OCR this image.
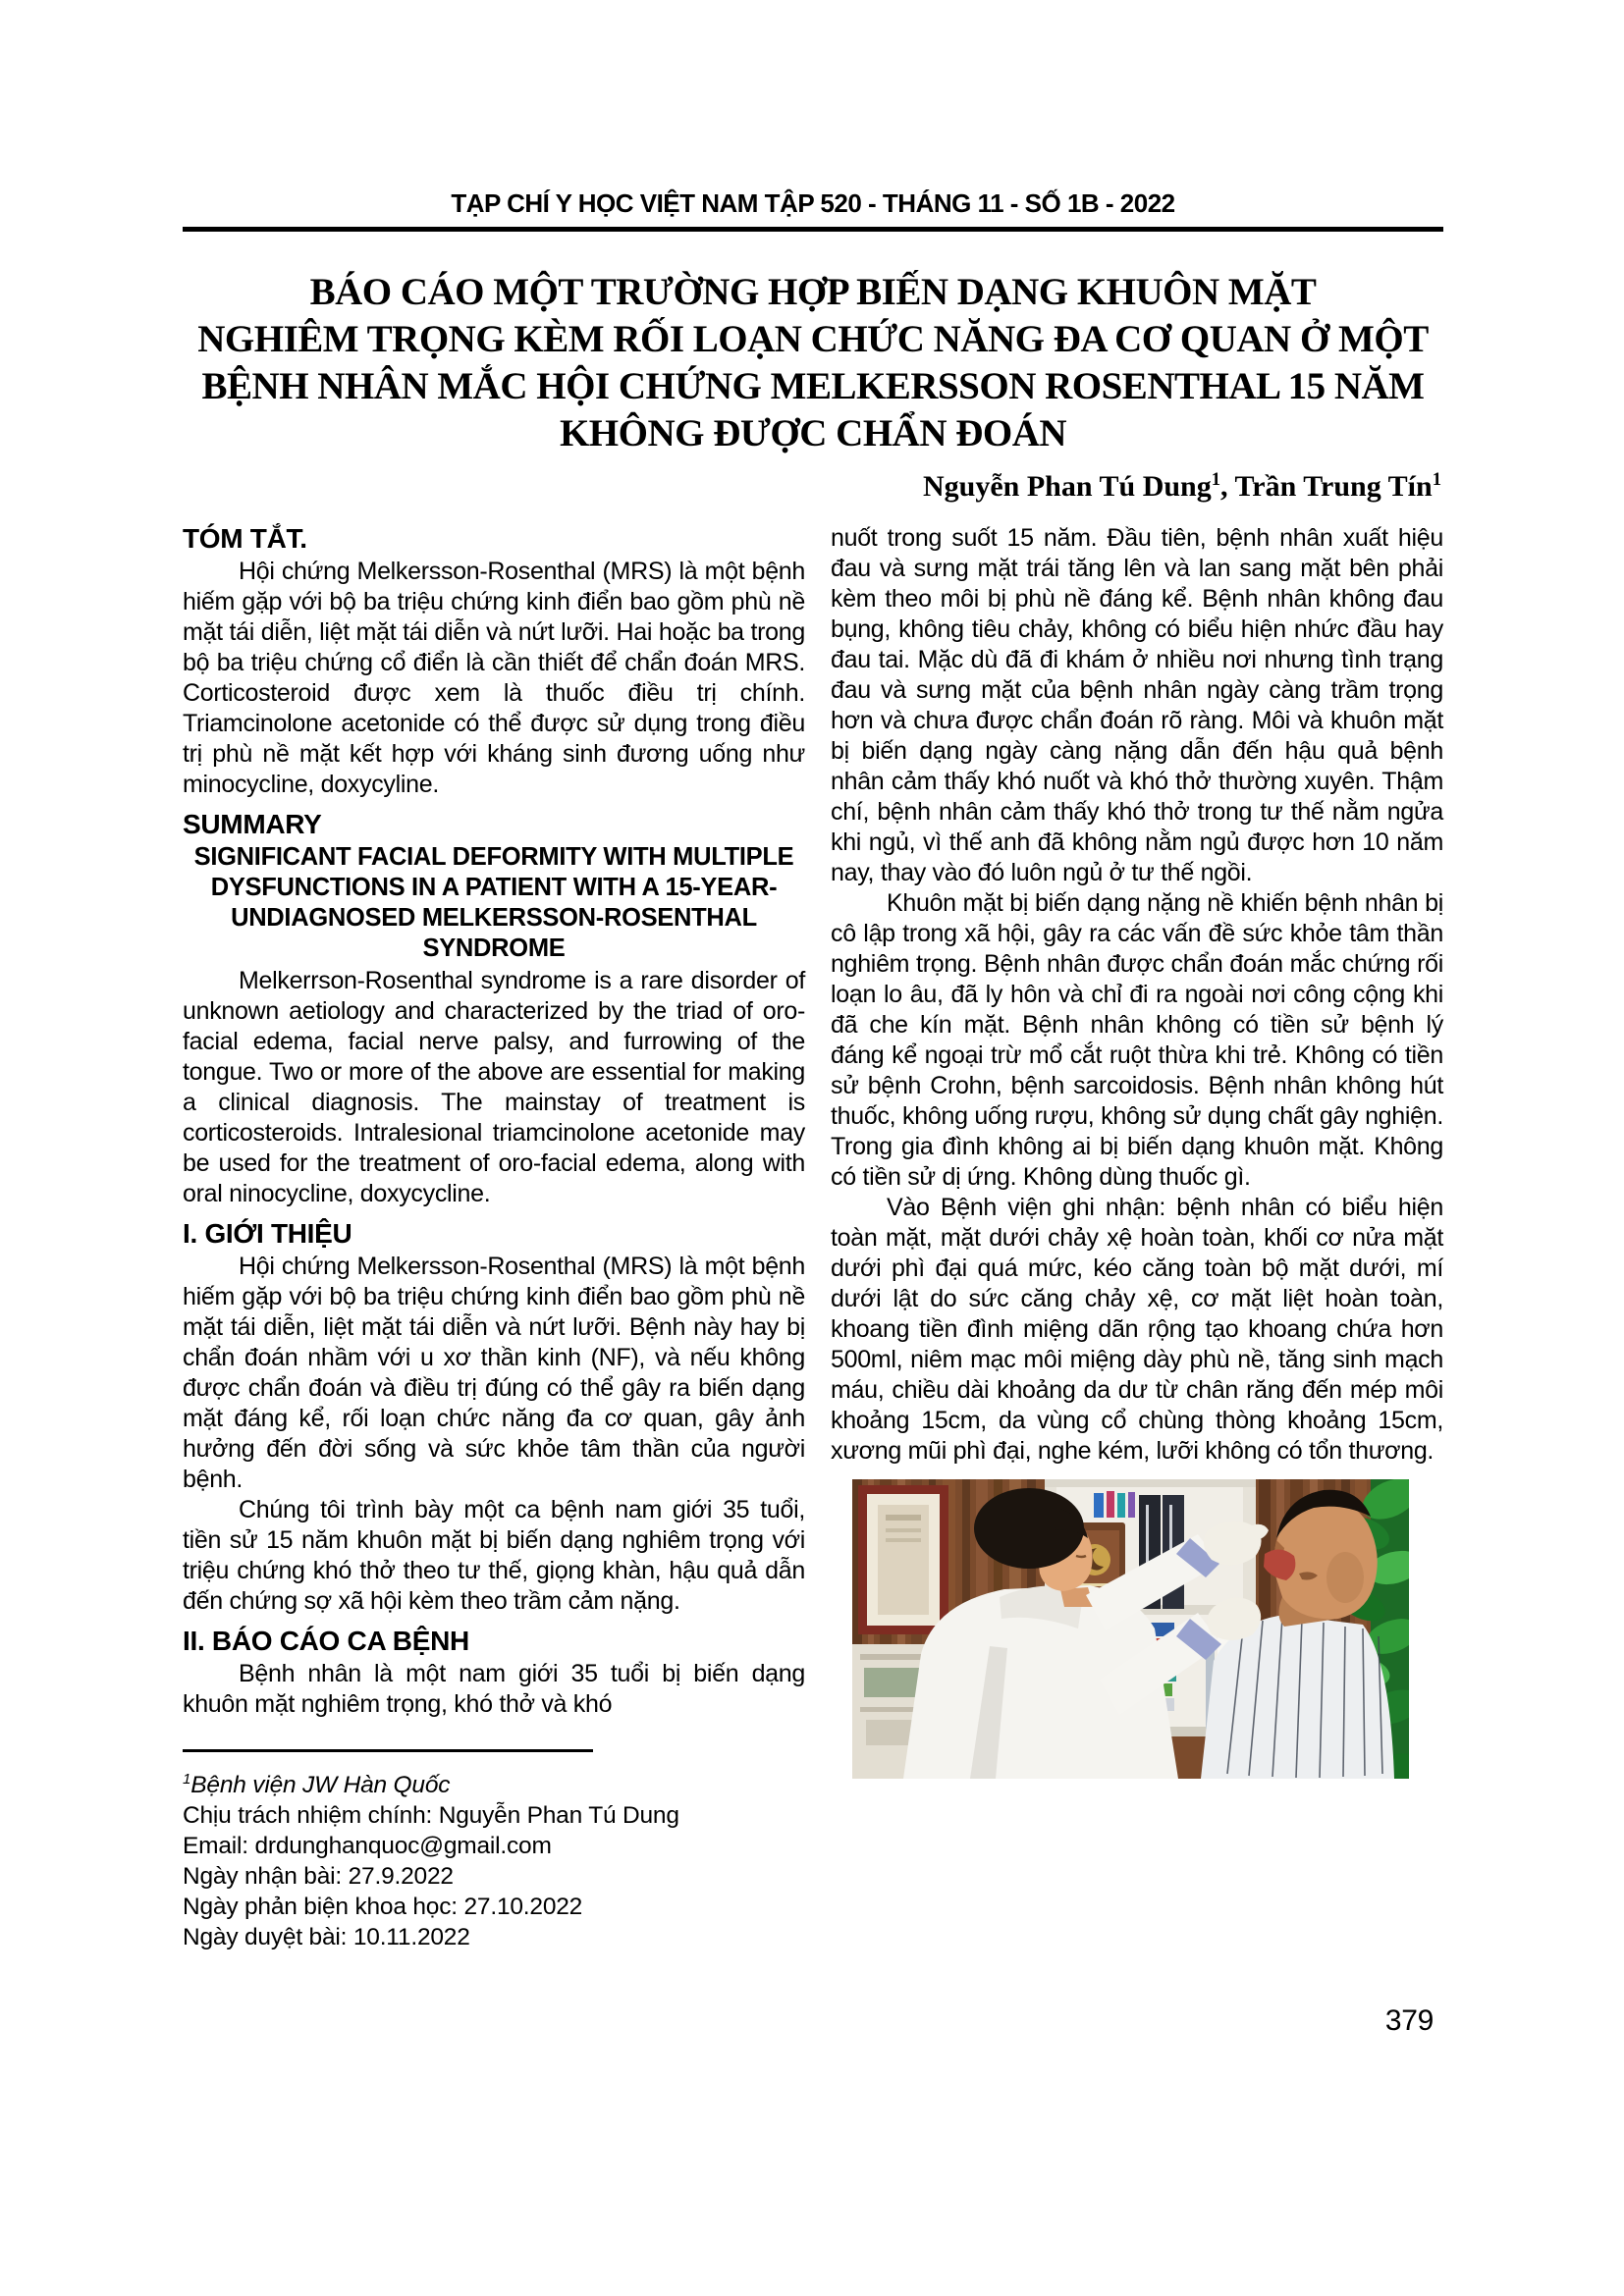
TẠP CHÍ Y HỌC VIỆT NAM TẬP 520 - THÁNG 11 - SỐ 1B - 2022
BÁO CÁO MỘT TRƯỜNG HỢP BIẾN DẠNG KHUÔN MẶT
NGHIÊM TRỌNG KÈM RỐI LOẠN CHỨC NĂNG ĐA CƠ QUAN Ở MỘT
BỆNH NHÂN MẮC HỘI CHỨNG MELKERSSON ROSENTHAL 15 NĂM
KHÔNG ĐƯỢC CHẨN ĐOÁN
Nguyễn Phan Tú Dung$^1$, Trần Trung Tín$^1$
TÓM TẮT.

Hội chứng Melkersson-Rosenthal (MRS) là một bệnh hiếm gặp với bộ ba triệu chứng kinh điển bao gồm phù nề mặt tái diễn, liệt mặt tái diễn và nứt lưỡi. Hai hoặc ba trong bộ ba triệu chứng cổ điển là cần thiết để chẩn đoán MRS. Corticosteroid được xem là thuốc điều trị chính. Triamcinolone acetonide có thể được sử dụng trong điều trị phù nề mặt kết hợp với kháng sinh đương uống như minocycline, doxycyline.

SUMMARY
SIGNIFICANT FACIAL DEFORMITY WITH MULTIPLE DYSFUNCTIONS IN A PATIENT WITH A 15-YEAR-UNDIAGNOSED MELKERSSON-ROSENTHAL SYNDROME

Melkerrson-Rosenthal syndrome is a rare disorder of unknown aetiology and characterized by the triad of oro-facial edema, facial nerve palsy, and furrowing of the tongue. Two or more of the above are essential for making a clinical diagnosis. The mainstay of treatment is corticosteroids. Intralesional triamcinolone acetonide may be used for the treatment of oro-facial edema, along with oral ninocycline, doxycycline.

I. GIỚI THIỆU

Hội chứng Melkersson-Rosenthal (MRS) là một bệnh hiếm gặp với bộ ba triệu chứng kinh điển bao gồm phù nề mặt tái diễn, liệt mặt tái diễn và nứt lưỡi. Bệnh này hay bị chẩn đoán nhầm với u xơ thần kinh (NF), và nếu không được chẩn đoán và điều trị đúng có thể gây ra biến dạng mặt đáng kể, rối loạn chức năng đa cơ quan, gây ảnh hưởng đến đời sống và sức khỏe tâm thần của người bệnh.

Chúng tôi trình bày một ca bệnh nam giới 35 tuổi, tiền sử 15 năm khuôn mặt bị biến dạng nghiêm trọng với triệu chứng khó thở theo tư thế, giọng khàn, hậu quả dẫn đến chứng sợ xã hội kèm theo trầm cảm nặng.

II. BÁO CÁO CA BỆNH

Bệnh nhân là một nam giới 35 tuổi bị biến dạng khuôn mặt nghiêm trọng, khó thở và khó

$^1$Bệnh viện JW Hàn Quốc
Chịu trách nhiệm chính: Nguyễn Phan Tú Dung
Email: drdunghanquoc@gmail.com
Ngày nhận bài: 27.9.2022
Ngày phản biện khoa học: 27.10.2022
Ngày duyệt bài: 10.11.2022

nuốt trong suốt 15 năm. Đầu tiên, bệnh nhân xuất hiệu đau và sưng mặt trái tăng lên và lan sang mặt bên phải kèm theo môi bị phù nề đáng kể. Bệnh nhân không đau bụng, không tiêu chảy, không có biểu hiện nhức đầu hay đau tai. Mặc dù đã đi khám ở nhiều nơi nhưng tình trạng đau và sưng mặt của bệnh nhân ngày càng trầm trọng hơn và chưa được chẩn đoán rõ ràng. Môi và khuôn mặt bị biến dạng ngày càng nặng dẫn đến hậu quả bệnh nhân cảm thấy khó nuốt và khó thở thường xuyên. Thậm chí, bệnh nhân cảm thấy khó thở trong tư thế nằm ngửa khi ngủ, vì thế anh đã không nằm ngủ được hơn 10 năm nay, thay vào đó luôn ngủ ở tư thế ngồi.

Khuôn mặt bị biến dạng nặng nề khiến bệnh nhân bị cô lập trong xã hội, gây ra các vấn đề sức khỏe tâm thần nghiêm trọng. Bệnh nhân được chẩn đoán mắc chứng rối loạn lo âu, đã ly hôn và chỉ đi ra ngoài nơi công cộng khi đã che kín mặt. Bệnh nhân không có tiền sử bệnh lý đáng kể ngoại trừ mổ cắt ruột thừa khi trẻ. Không có tiền sử bệnh Crohn, bệnh sarcoidosis. Bệnh nhân không hút thuốc, không uống rượu, không sử dụng chất gây nghiện. Trong gia đình không ai bị biến dạng khuôn mặt. Không có tiền sử dị ứng. Không dùng thuốc gì.

Vào Bệnh viện ghi nhận: bệnh nhân có biểu hiện toàn mặt, mặt dưới chảy xệ hoàn toàn, khối cơ nửa mặt dưới phì đại quá mức, kéo căng toàn bộ mặt dưới, mí dưới lật do sức căng chảy xệ, cơ mặt liệt hoàn toàn, khoang tiền đình miệng dãn rộng tạo khoang chứa hơn 500ml, niêm mạc môi miệng dày phù nề, tăng sinh mạch máu, chiều dài khoảng da dư từ chân răng đến mép môi khoảng 15cm, da vùng cổ chùng thòng khoảng 15cm, xương mũi phì đại, nghe kém, lưỡi không có tổn thương.

379
